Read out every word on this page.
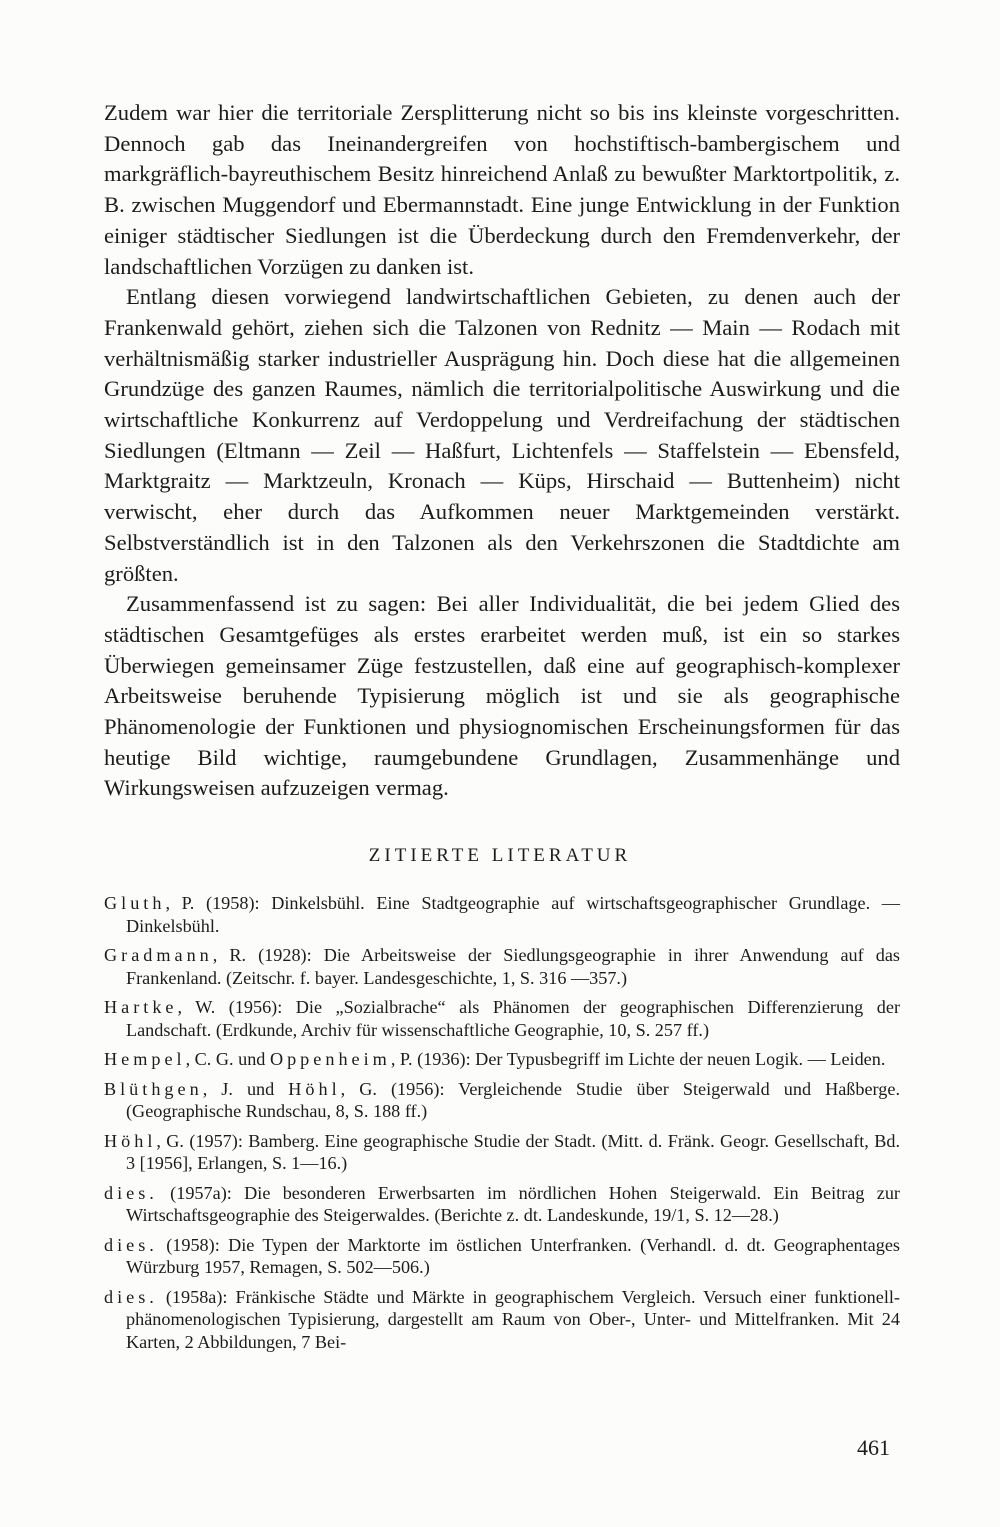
Zudem war hier die territoriale Zersplitterung nicht so bis ins kleinste vorgeschritten. Dennoch gab das Ineinandergreifen von hochstiftisch-bambergischem und markgräflich-bayreuthischem Besitz hinreichend Anlaß zu bewußter Marktortpolitik, z. B. zwischen Muggendorf und Ebermannstadt. Eine junge Entwicklung in der Funktion einiger städtischer Siedlungen ist die Überdeckung durch den Fremdenverkehr, der landschaftlichen Vorzügen zu danken ist.

Entlang diesen vorwiegend landwirtschaftlichen Gebieten, zu denen auch der Frankenwald gehört, ziehen sich die Talzonen von Rednitz — Main — Rodach mit verhältnismäßig starker industrieller Ausprägung hin. Doch diese hat die allgemeinen Grundzüge des ganzen Raumes, nämlich die territorialpolitische Auswirkung und die wirtschaftliche Konkurrenz auf Verdoppelung und Verdreifachung der städtischen Siedlungen (Eltmann — Zeil — Haßfurt, Lichtenfels — Staffelstein — Ebensfeld, Marktgraitz — Marktzeuln, Kronach — Küps, Hirschaid — Buttenheim) nicht verwischt, eher durch das Aufkommen neuer Marktgemeinden verstärkt. Selbstverständlich ist in den Talzonen als den Verkehrszonen die Stadtdichte am größten.

Zusammenfassend ist zu sagen: Bei aller Individualität, die bei jedem Glied des städtischen Gesamtgefüges als erstes erarbeitet werden muß, ist ein so starkes Überwiegen gemeinsamer Züge festzustellen, daß eine auf geographisch-komplexer Arbeitsweise beruhende Typisierung möglich ist und sie als geographische Phänomenologie der Funktionen und physiognomischen Erscheinungsformen für das heutige Bild wichtige, raumgebundene Grundlagen, Zusammenhänge und Wirkungsweisen aufzuzeigen vermag.

ZITIERTE LITERATUR
Gluth, P. (1958): Dinkelsbühl. Eine Stadtgeographie auf wirtschaftsgeographischer Grundlage. — Dinkelsbühl.
Gradmann, R. (1928): Die Arbeitsweise der Siedlungsgeographie in ihrer Anwendung auf das Frankenland. (Zeitschr. f. bayer. Landesgeschichte, 1, S. 316 —357.)
Hartke, W. (1956): Die „Sozialbrache“ als Phänomen der geographischen Differenzierung der Landschaft. (Erdkunde, Archiv für wissenschaftliche Geographie, 10, S. 257 ff.)
Hempel, C. G. und Oppenheim, P. (1936): Der Typusbegriff im Lichte der neuen Logik. — Leiden.
Blüthgen, J. und Höhl, G. (1956): Vergleichende Studie über Steigerwald und Haßberge. (Geographische Rundschau, 8, S. 188 ff.)
Höhl, G. (1957): Bamberg. Eine geographische Studie der Stadt. (Mitt. d. Fränk. Geogr. Gesellschaft, Bd. 3 [1956], Erlangen, S. 1—16.)
dies. (1957a): Die besonderen Erwerbsarten im nördlichen Hohen Steigerwald. Ein Beitrag zur Wirtschaftsgeographie des Steigerwaldes. (Berichte z. dt. Landeskunde, 19/1, S. 12—28.)
dies. (1958): Die Typen der Marktorte im östlichen Unterfranken. (Verhandl. d. dt. Geographentages Würzburg 1957, Remagen, S. 502—506.)
dies. (1958a): Fränkische Städte und Märkte in geographischem Vergleich. Versuch einer funktionell-phänomenologischen Typisierung, dargestellt am Raum von Ober-, Unter- und Mittelfranken. Mit 24 Karten, 2 Abbildungen, 7 Bei-
461
